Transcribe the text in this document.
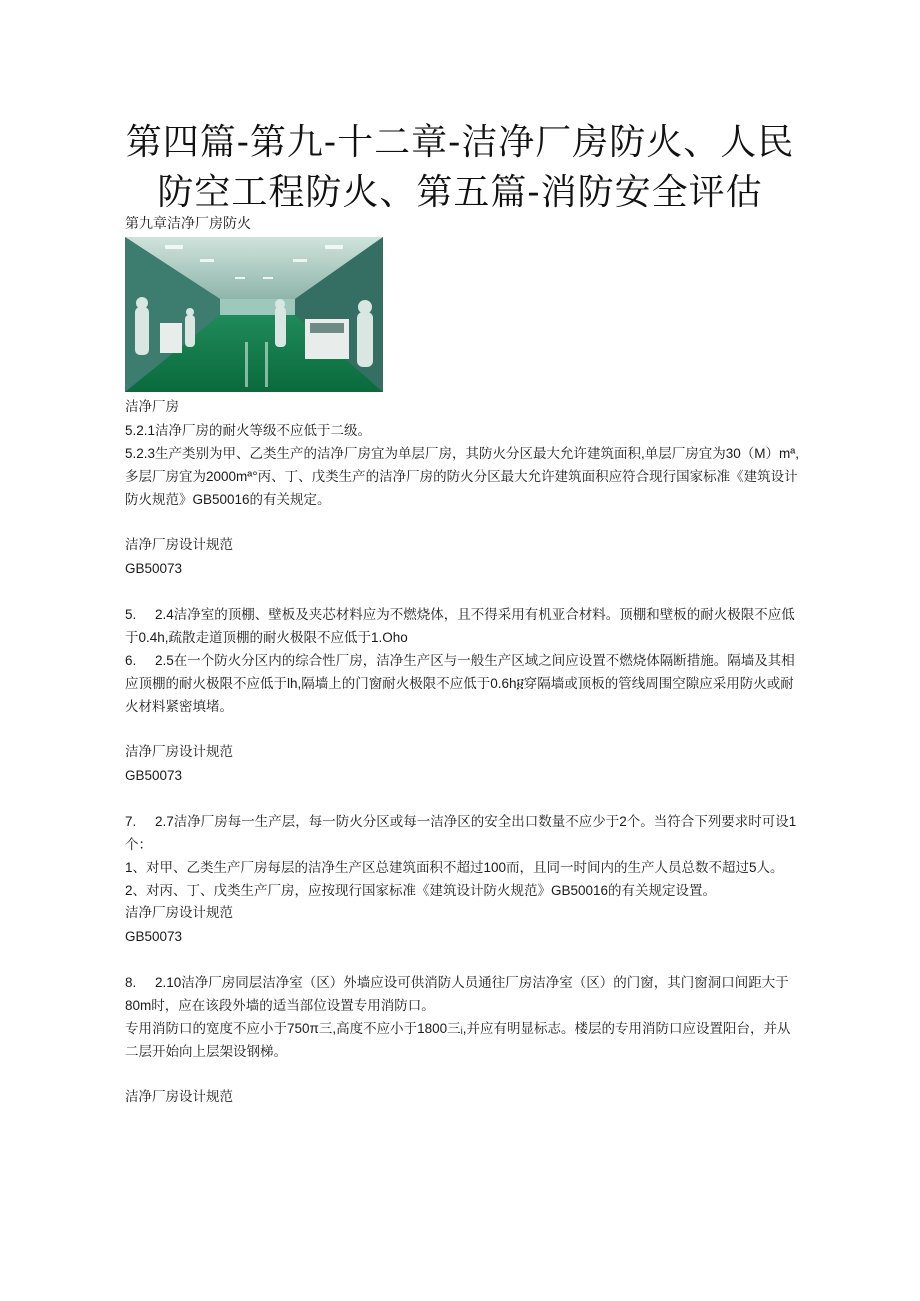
第四篇-第九-十二章-洁净厂房防火、人民
防空工程防火、第五篇-消防安全评估

第九章洁净厂房防火

洁净厂房

5.2.1洁净厂房的耐火等级不应低于二级。

5.2.3生产类别为甲、乙类生产的洁净厂房宜为单层厂房，其防火分区最大允许建筑面积,单层厂房宜为30（M）mª,多层厂房宜为2000mª°丙、丁、戊类生产的洁净厂房的防火分区最大允许建筑面积应符合现行国家标准《建筑设计防火规范》GB50016的有关规定。

洁净厂房设计规范

GB50073

5. 2.4洁净室的顶棚、壁板及夹芯材料应为不燃烧体，且不得采用有机亚合材料。顶棚和壁板的耐火极限不应低于0.4h,疏散走道顶棚的耐火极限不应低于1.Oho

6. 2.5在一个防火分区内的综合性厂房，洁净生产区与一般生产区域之间应设置不燃烧体隔断措施。隔墙及其相应顶棚的耐火极限不应低于lh,隔墙上的门窗耐火极限不应低于0.6h፱穿隔墙或顶板的管线周围空隙应采用防火或耐火材料紧密填堵。

洁净厂房设计规范

GB50073

7. 2.7洁净厂房每一生产层，每一防火分区或每一洁净区的安全出口数量不应少于2个。当符合下列要求时可设1个：

1、对甲、乙类生产厂房每层的洁净生产区总建筑面积不超过100而，且同一时间内的生产人员总数不超过5人。

2、对丙、丁、戊类生产厂房，应按现行国家标准《建筑设计防火规范》GB50016的有关规定设置。

洁净厂房设计规范

GB50073

8. 2.10洁净厂房同层洁净室（区）外墙应设可供消防人员通往厂房洁净室（区）的门窗，其门窗洞口间距大于80m时，应在该段外墙的适当部位设置专用消防口。

专用消防口的宽度不应小于750π三,高度不应小于1800三ᵢ,并应有明显标志。楼层的专用消防口应设置阳台，并从二层开始向上层架设钢梯。

洁净厂房设计规范
